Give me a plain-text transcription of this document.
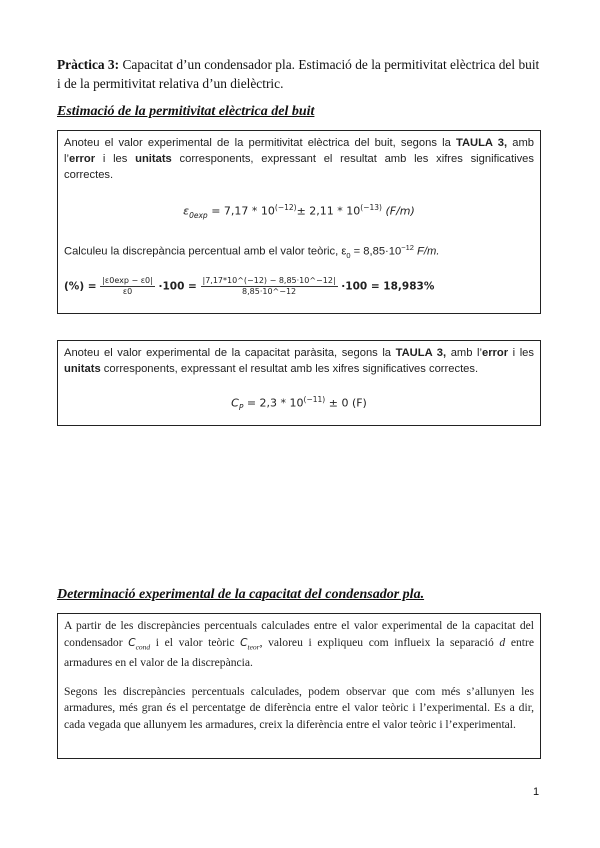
Pràctica 3: Capacitat d’un condensador pla. Estimació de la permitivitat elèctrica del buit i de la permitivitat relativa d’un dielèctric.
Estimació de la permitivitat elèctrica del buit

Anoteu el valor experimental de la permitivitat elèctrica del buit, segons la TAULA 3, amb l’error i les unitats corresponents, expressant el resultat amb les xifres significatives correctes.

$\varepsilon_{0exp} = 7,17 * 10^{(-12)}\pm 2,11 * 10^{(-13)}$ (F/m)

Calculeu la discrepància percentual amb el valor teòric, $\varepsilon_0 = 8,85\cdot 10^{-12}$ F/m.

(%) = $\frac{|\varepsilon 0\exp - \varepsilon 0|}{\varepsilon 0} \cdot 100 = \frac{|7,17*10\^{}(-12) - 8,85\cdot 10\^{}-12|}{8,85\cdot 10\^{}-12} \cdot 100 = 18,983\%$

Anoteu el valor experimental de la capacitat paràsita, segons la TAULA 3, amb l’error i les unitats corresponents, expressant el resultat amb les xifres significatives correctes.

$C_P = 2,3 * 10^{(-11)} \pm 0$ (F)
Determinació experimental de la capacitat del condensador pla.

A partir de les discrepàncies percentuals calculades entre el valor experimental de la capacitat del condensador $C_{cond}$ i el valor teòric $C_{teor}$, valoreu i expliqueu com influeix la separació d entre armadures en el valor de la discrepància.

Segons les discrepàncies percentuals calculades, podem observar que com més s’allunyen les armadures, més gran és el percentatge de diferència entre el valor teòric i l’experimental. Es a dir, cada vegada que allunyem les armadures, creix la diferència entre el valor teòric i l’experimental.

1
